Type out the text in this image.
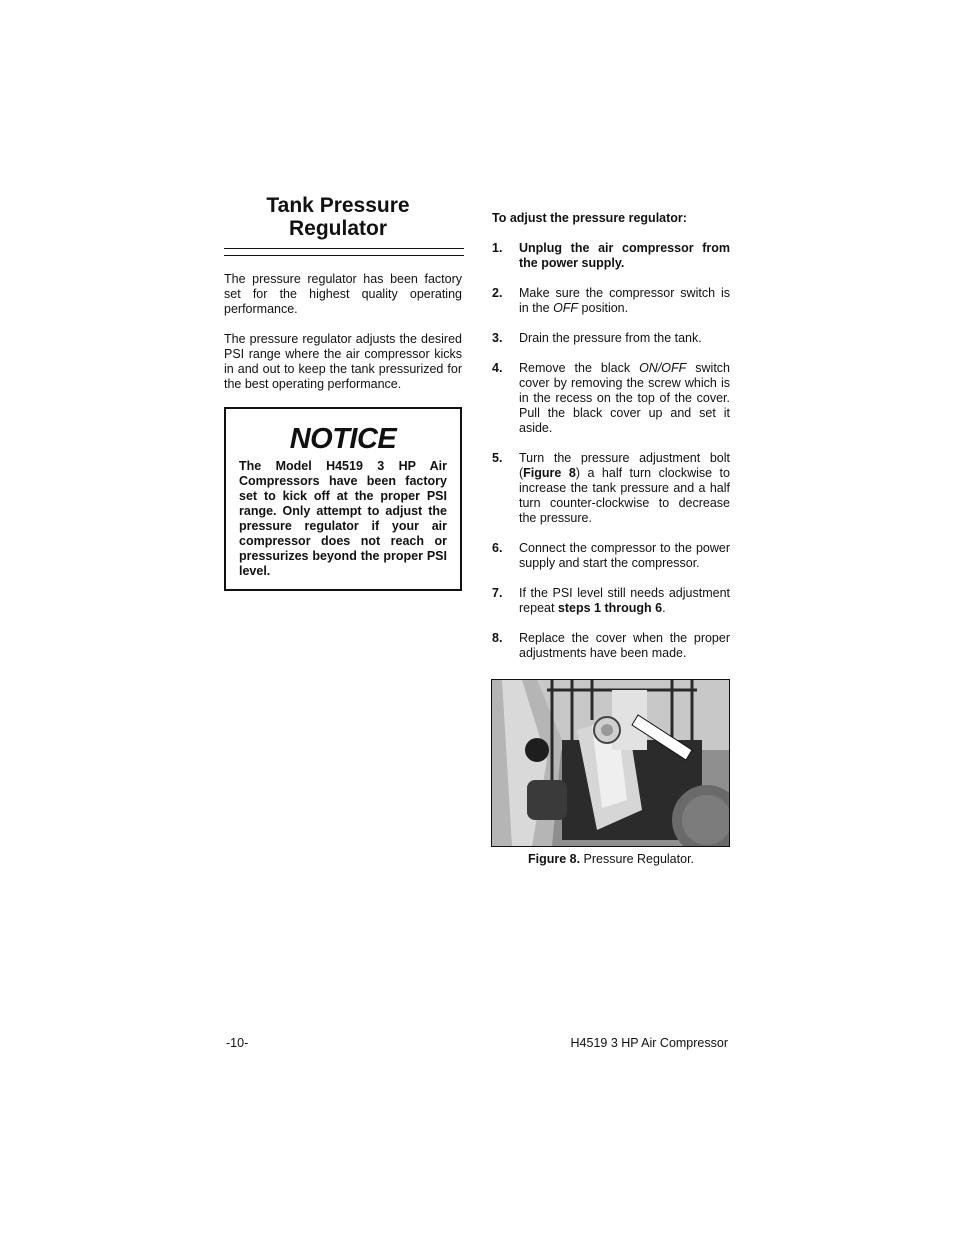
Tank Pressure
Regulator

The pressure regulator has been factory set for the highest quality operating performance.

The pressure regulator adjusts the desired PSI range where the air compressor kicks in and out to keep the tank pressurized for the best operating performance.

NOTICE

The Model H4519 3 HP Air Compressors have been factory set to kick off at the proper PSI range. Only attempt to adjust the pressure regulator if your air compressor does not reach or pressurizes beyond the proper PSI level.

To adjust the pressure regulator:

1.	Unplug the air compressor from the power supply.
2.	Make sure the compressor switch is in the OFF position.
3.	Drain the pressure from the tank.
4.	Remove the black ON/OFF switch cover by removing the screw which is in the recess on the top of the cover. Pull the black cover up and set it aside.
5.	Turn the pressure adjustment bolt (Figure 8) a half turn clockwise to increase the tank pressure and a half turn counter-clockwise to decrease the pressure.
6.	Connect the compressor to the power supply and start the compressor.
7.	If the PSI level still needs adjustment repeat steps 1 through 6.
8.	Replace the cover when the proper adjustments have been made.
Figure 8. Pressure Regulator.
-10-	H4519 3 HP Air Compressor
